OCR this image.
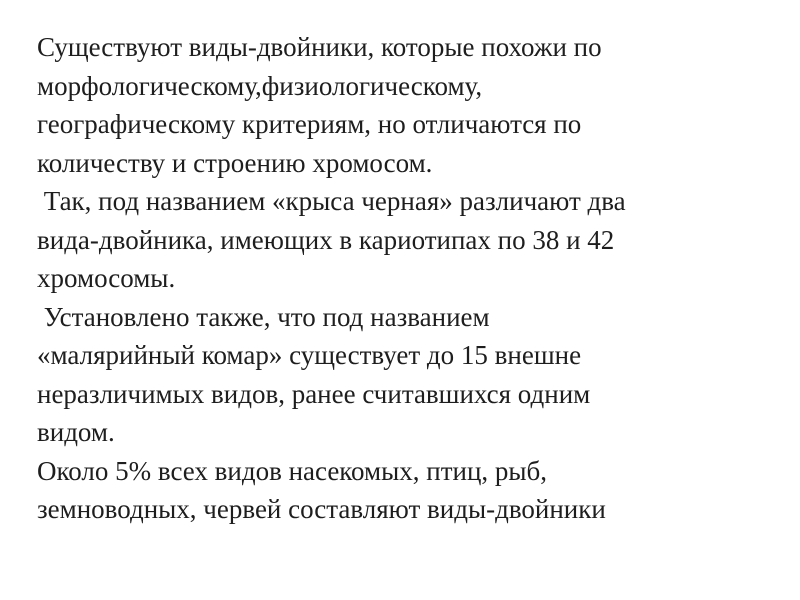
Существуют виды-двойники, которые похожи по
морфологическому,физиологическому,
географическому критериям, но отличаются по
количеству и строению хромосом.
Так, под названием «крыса черная» различают два
вида-двойника, имеющих в кариотипах по 38 и 42
хромосомы.
Установлено также, что под названием
«малярийный комар» существует до 15 внешне
неразличимых видов, ранее считавшихся одним
видом.
Около 5% всех видов насекомых, птиц, рыб,
земноводных, червей составляют виды-двойники
